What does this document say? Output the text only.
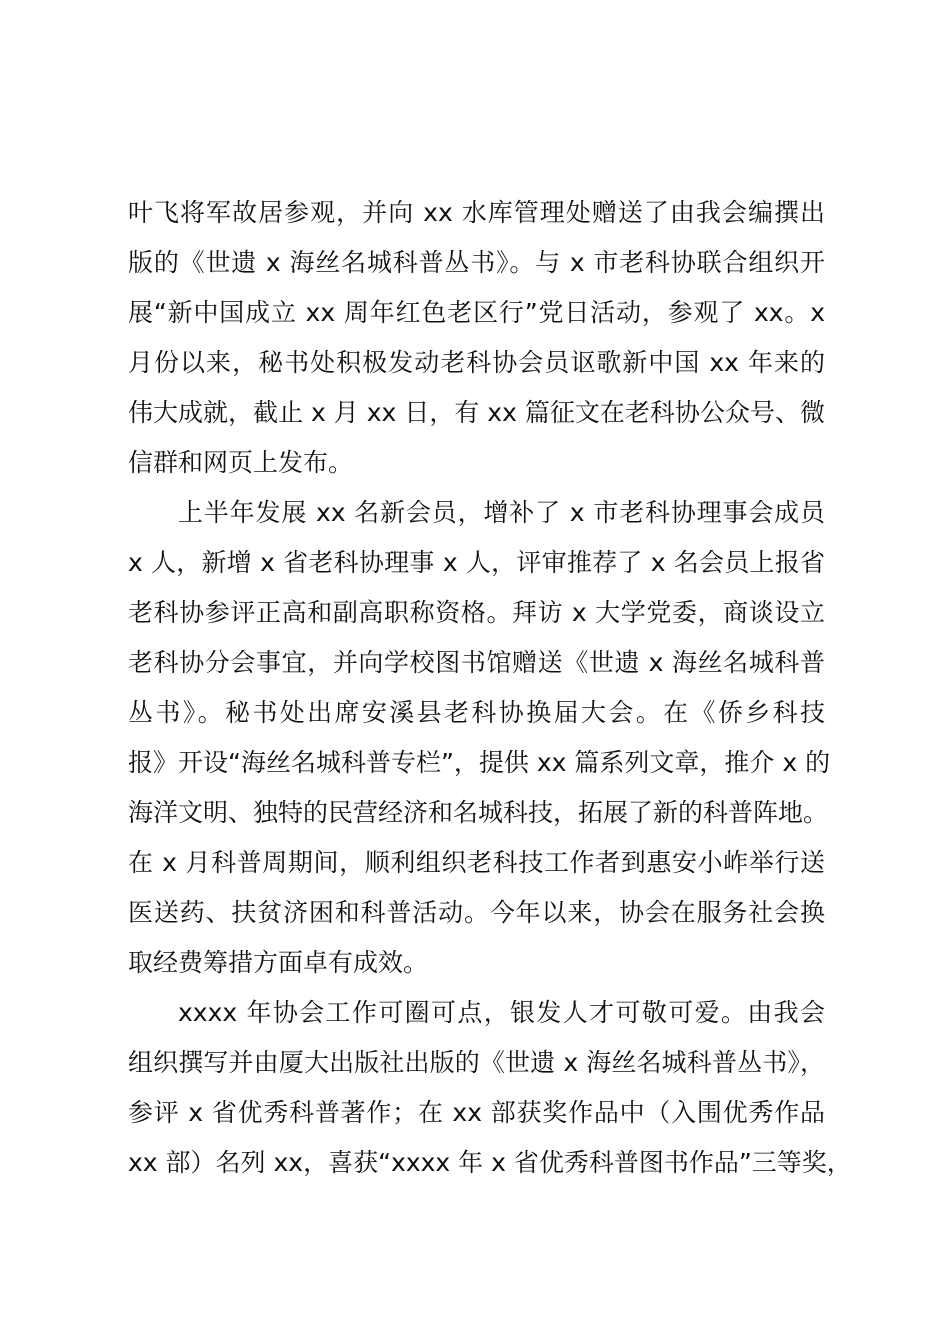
叶飞将军故居参观，并向 xx 水库管理处赠送了由我会编撰出
版的《世遗 x 海丝名城科普丛书》。与 x 市老科协联合组织开
展“新中国成立 xx 周年红色老区行”党日活动，参观了 xx。x
月份以来，秘书处积极发动老科协会员讴歌新中国 xx 年来的
伟大成就，截止 x 月 xx 日，有 xx 篇征文在老科协公众号、微
信群和网页上发布。
上半年发展 xx 名新会员，增补了 x 市老科协理事会成员
x 人，新增 x 省老科协理事 x 人，评审推荐了 x 名会员上报省
老科协参评正高和副高职称资格。拜访 x 大学党委，商谈设立
老科协分会事宜，并向学校图书馆赠送《世遗 x 海丝名城科普
丛书》。秘书处出席安溪县老科协换届大会。在《侨乡科技
报》开设“海丝名城科普专栏”，提供 xx 篇系列文章，推介 x 的
海洋文明、独特的民营经济和名城科技，拓展了新的科普阵地。
在 x 月科普周期间，顺利组织老科技工作者到惠安小岞举行送
医送药、扶贫济困和科普活动。今年以来，协会在服务社会换
取经费筹措方面卓有成效。
xxxx 年协会工作可圈可点，银发人才可敬可爱。由我会
组织撰写并由厦大出版社出版的《世遗 x 海丝名城科普丛书》，
参评 x 省优秀科普著作；在 xx 部获奖作品中（入围优秀作品
xx 部）名列 xx，喜获“xxxx 年 x 省优秀科普图书作品”三等奖，
